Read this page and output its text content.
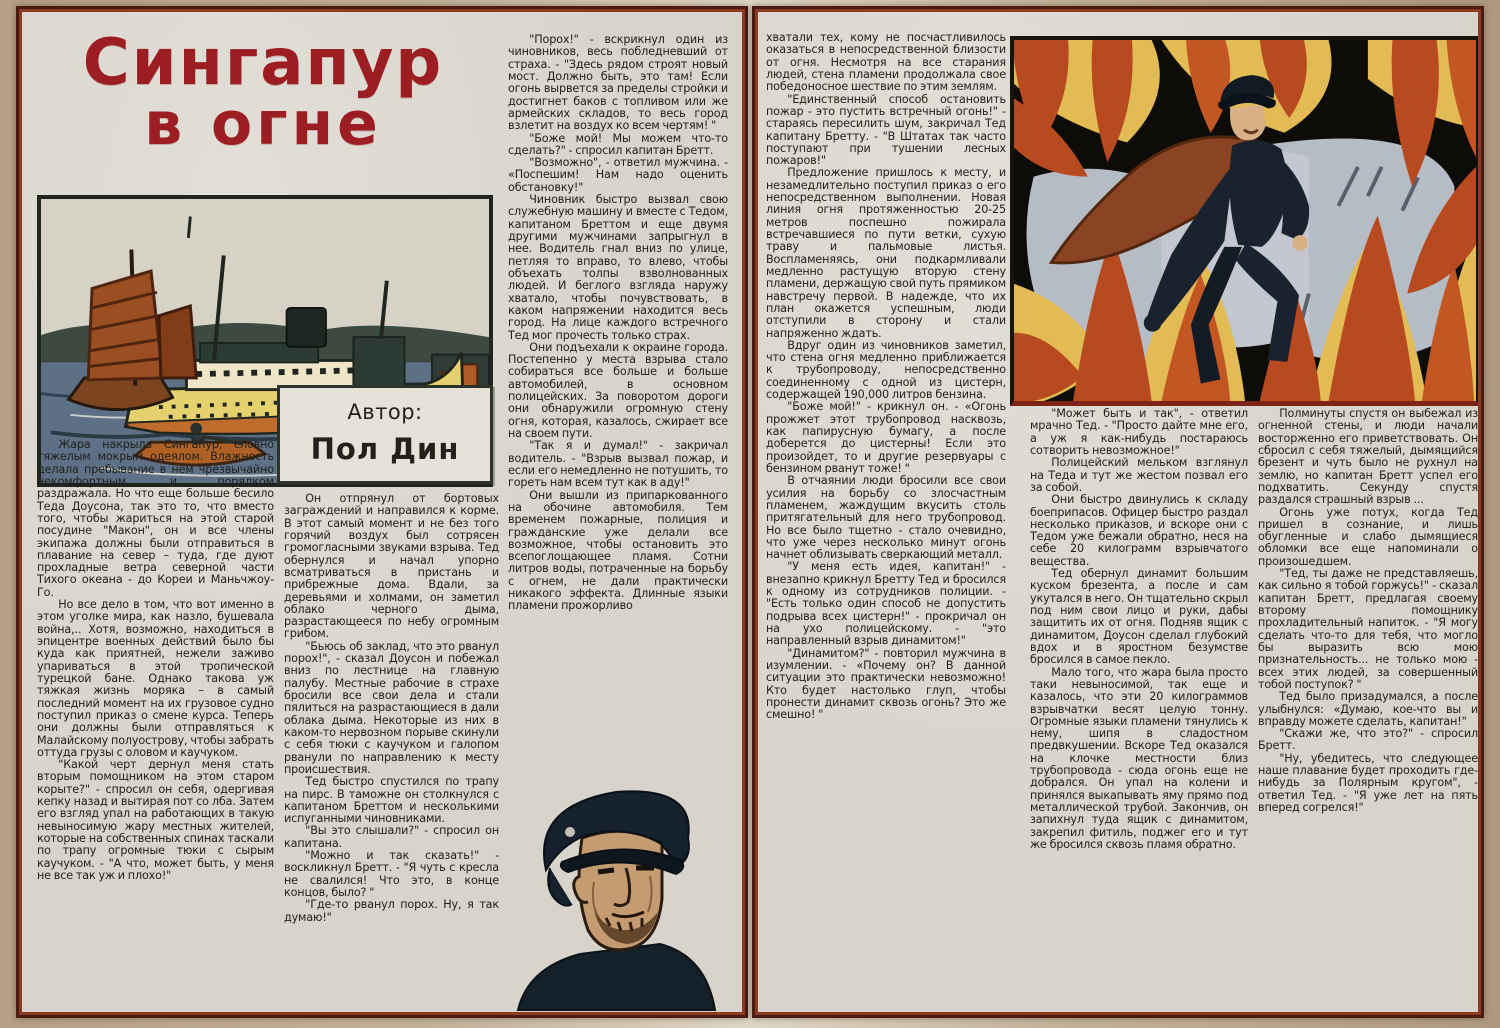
Сингапур
в огне
Автор:
Пол Дин

Жара накрыла Сингапур, словно тяжелым мокрым одеялом. Влажность делала пребывание в нем чрезвычайно некомфортным, и порядком раздражала. Но что еще больше бесило Теда Доусона, так это то, что вместо того, чтобы жариться на этой старой посудине "Макон", он и все члены экипажа должны были отправиться в плавание на север – туда, где дуют прохладные ветра северной части Тихого океана - до Кореи и Маньчжоу-Го.

Но все дело в том, что вот именно в этом уголке мира, как назло, бушевала война,.. Хотя, возможно, находиться в эпицентре военных действий было бы куда как приятней, нежели заживо упариваться в этой тропической турецкой бане. Однако такова уж тяжкая жизнь моряка – в самый последний момент на их грузовое судно поступил приказ о смене курса. Теперь они должны были отправляться к Малайскому полуострову, чтобы забрать оттуда грузы с оловом и каучуком.

"Какой черт дернул меня стать вторым помощником на этом старом корыте?" - спросил он себя, одергивая кепку назад и вытирая пот со лба. Затем его взгляд упал на работающих в такую невыносимую жару местных жителей, которые на собственных спинах таскали по трапу огромные тюки с сырым каучуком. - "А что, может быть, у меня не все так уж и плохо!"

Он отпрянул от бортовых заграждений и направился к корме. В этот самый момент и не без того горячий воздух был сотрясен громогласными звуками взрыва. Тед обернулся и начал упорно всматриваться в пристань и прибрежные дома. Вдали, за деревьями и холмами, он заметил облако черного дыма, разрастающееся по небу огромным грибом.

"Бьюсь об заклад, что это рванул порох!", - сказал Доусон и побежал вниз по лестнице на главную палубу. Местные рабочие в страхе бросили все свои дела и стали пялиться на разрастающиеся в дали облака дыма. Некоторые из них в каком-то нервозном порыве скинули с себя тюки с каучуком и галопом рванули по направлению к месту происшествия.

Тед быстро спустился по трапу на пирс. В таможне он столкнулся с капитаном Бреттом и несколькими испуганными чиновниками.

"Вы это слышали?" - спросил он капитана.

"Можно и так сказать!" - воскликнул Бретт. - "Я чуть с кресла не свалился! Что это, в конце концов, было? "

"Где-то рванул порох. Ну, я так думаю!"

"Порох!" - вскрикнул один из чиновников, весь побледневший от страха. - "Здесь рядом строят новый мост. Должно быть, это там! Если огонь вырвется за пределы стройки и достигнет баков с топливом или же армейских складов, то весь город взлетит на воздух ко всем чертям! "

"Боже мой! Мы можем что-то сделать?" - спросил капитан Бретт.

"Возможно", - ответил мужчина. - «Поспешим! Нам надо оценить обстановку!"

Чиновник быстро вызвал свою служебную машину и вместе с Тедом, капитаном Бреттом и еще двумя другими мужчинами запрыгнул в нее. Водитель гнал вниз по улице, петляя то вправо, то влево, чтобы объехать толпы взволнованных людей. И беглого взгляда наружу хватало, чтобы почувствовать, в каком напряжении находится весь город. На лице каждого встречного Тед мог прочесть только страх.

Они подъехали к окраине города. Постепенно у места взрыва стало собираться все больше и больше автомобилей, в основном полицейских. За поворотом дороги они обнаружили огромную стену огня, которая, казалось, сжирает все на своем пути.

"Так я и думал!" - закричал водитель. - "Взрыв вызвал пожар, и если его немедленно не потушить, то гореть нам всем тут как в аду!"

Они вышли из припаркованного на обочине автомобиля. Тем временем пожарные, полиция и гражданские уже делали все возможное, чтобы остановить это всепоглощающее пламя. Сотни литров воды, потраченные на борьбу с огнем, не дали практически никакого эффекта. Длинные языки пламени прожорливо

хватали тех, кому не посчастливилось оказаться в непосредственной близости от огня. Несмотря на все старания людей, стена пламени продолжала свое победоносное шествие по этим землям.

"Единственный способ остановить пожар - это пустить встречный огонь!" - стараясь пересилить шум, закричал Тед капитану Бретту. - "В Штатах так часто поступают при тушении лесных пожаров!"

Предложение пришлось к месту, и незамедлительно поступил приказ о его непосредственном выполнении. Новая линия огня протяженностью 20-25 метров поспешно пожирала встречавшиеся по пути ветки, сухую траву и пальмовые листья. Воспламеняясь, они подкармливали медленно растущую вторую стену пламени, держащую свой путь прямиком навстречу первой. В надежде, что их план окажется успешным, люди отступили в сторону и стали напряженно ждать.

Вдруг один из чиновников заметил, что стена огня медленно приближается к трубопроводу, непосредственно соединенному с одной из цистерн, содержащей 190,000 литров бензина.

"Боже мой!" - крикнул он. - «Огонь прожжет этот трубопровод насквозь, как папирусную бумагу, а после доберется до цистерны! Если это произойдет, то и другие резервуары с бензином рванут тоже! "

В отчаянии люди бросили все свои усилия на борьбу со злосчастным пламенем, жаждущим вкусить столь притягательный для него трубопровод. Но все было тщетно - стало очевидно, что уже через несколько минут огонь начнет облизывать сверкающий металл.

"У меня есть идея, капитан!" - внезапно крикнул Бретту Тед и бросился к одному из сотрудников полиции. - "Есть только один способ не допустить подрыва всех цистерн!" - прокричал он на ухо полицейскому. - "это направленный взрыв динамитом!"

"Динамитом?" - повторил мужчина в изумлении. - «Почему он? В данной ситуации это практически невозможно! Кто будет настолько глуп, чтобы пронести динамит сквозь огонь? Это же смешно! "

"Может быть и так", - ответил мрачно Тед. - "Просто дайте мне его, а уж я как-нибудь постараюсь сотворить невозможное!"

Полицейский мельком взглянул на Теда и тут же жестом позвал его за собой.

Они быстро двинулись к складу боеприпасов. Офицер быстро раздал несколько приказов, и вскоре они с Тедом уже бежали обратно, неся на себе 20 килограмм взрывчатого вещества.

Тед обернул динамит большим куском брезента, а после и сам укутался в него. Он тщательно скрыл под ним свои лицо и руки, дабы защитить их от огня. Подняв ящик с динамитом, Доусон сделал глубокий вдох и в яростном безумстве бросился в самое пекло.

Мало того, что жара была просто таки невыносимой, так еще и казалось, что эти 20 килограммов взрывчатки весят целую тонну. Огромные языки пламени тянулись к нему, шипя в сладостном предвкушении. Вскоре Тед оказался на клочке местности близ трубопровода - сюда огонь еще не добрался. Он упал на колени и принялся выкапывать яму прямо под металлической трубой. Закончив, он запихнул туда ящик с динамитом, закрепил фитиль, поджег его и тут же бросился сквозь пламя обратно.

Полминуты спустя он выбежал из огненной стены, и люди начали восторженно его приветствовать. Он сбросил с себя тяжелый, дымящийся брезент и чуть было не рухнул на землю, но капитан Бретт успел его подхватить. Секунду спустя раздался страшный взрыв ...

Огонь уже потух, когда Тед пришел в сознание, и лишь обугленные и слабо дымящиеся обломки все еще напоминали о произошедшем.

"Тед, ты даже не представляешь, как сильно я тобой горжусь!" - сказал капитан Бретт, предлагая своему второму помощнику прохладительный напиток. - "Я могу сделать что-то для тебя, что могло бы выразить всю мою признательность... не только мою - всех этих людей, за совершенный тобой поступок? "

Тед было призадумался, а после улыбнулся: «Думаю, кое-что вы и вправду можете сделать, капитан!"

"Скажи же, что это?" - спросил Бретт.

"Ну, убедитесь, что следующее наше плавание будет проходить где-нибудь за Полярным кругом", - ответил Тед. - "Я уже лет на пять вперед согрелся!"
